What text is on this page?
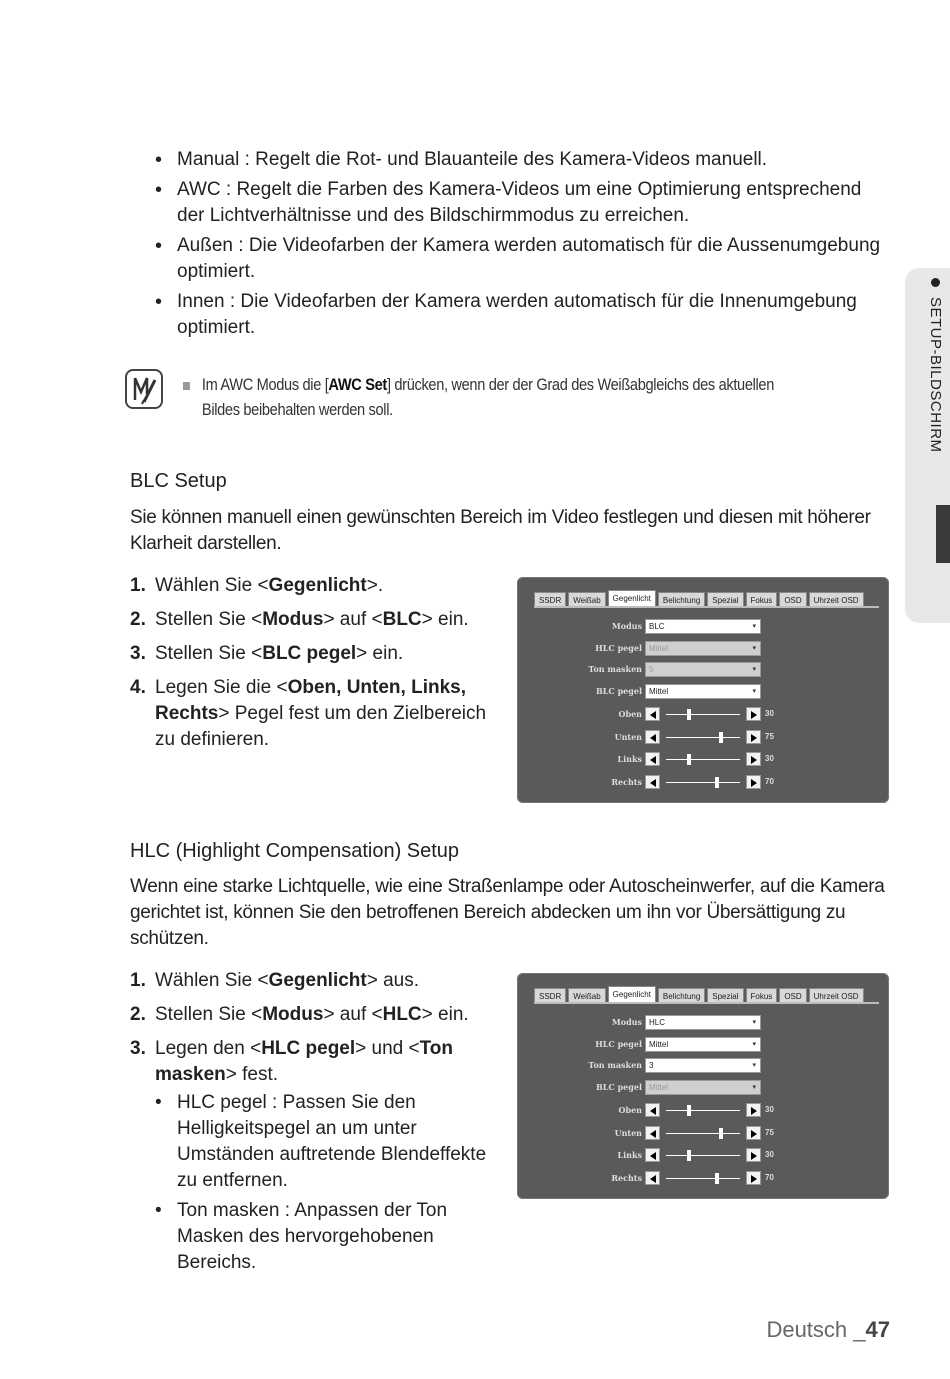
• Manual : Regelt die Rot- und Blauanteile des Kamera-Videos manuell.
• AWC : Regelt die Farben des Kamera-Videos um eine Optimierung entsprechend der Lichtverhältnisse und des Bildschirmmodus zu erreichen.
• Außen : Die Videofarben der Kamera werden automatisch für die Aussenumgebung optimiert.
• Innen : Die Videofarben der Kamera werden automatisch für die Innenumgebung optimiert.
Im AWC Modus die [AWC Set] drücken, wenn der der Grad des Weißabgleichs des aktuellen
Bildes beibehalten werden soll.
BLC Setup
Sie können manuell einen gewünschten Bereich im Video festlegen und diesen mit höherer Klarheit darstellen.
1. Wählen Sie <Gegenlicht>.
2. Stellen Sie <Modus> auf <BLC> ein.
3. Stellen Sie <BLC pegel> ein.
4. Legen Sie die <Oben, Unten, Links, Rechts> Pegel fest um den Zielbereich zu definieren.
SSDR	Weißab	Gegenlicht	Belichtung	Spezial	Fokus	OSD	Uhrzeit OSD
Modus BLC	▾
HLC pegel Mittel	▾
Ton masken 5	▾
BLC pegel Mittel	▾
Oben	30
Unten	75
Links	30
Rechts	70
HLC (Highlight Compensation) Setup
Wenn eine starke Lichtquelle, wie eine Straßenlampe oder Autoscheinwerfer, auf die Kamera gerichtet ist, können Sie den betroffenen Bereich abdecken um ihn vor Übersättigung zu schützen.
1. Wählen Sie <Gegenlicht> aus.
2. Stellen Sie <Modus> auf <HLC> ein.
3. Legen den <HLC pegel> und <Ton masken> fest.
• HLC pegel : Passen Sie den Helligkeitspegel an um unter Umständen auftretende Blendeffekte zu entfernen.
• Ton masken : Anpassen der Ton Masken des hervorgehobenen Bereichs.
SSDR	Weißab	Gegenlicht	Belichtung	Spezial	Fokus	OSD	Uhrzeit OSD
Modus HLC	▾
HLC pegel Mittel	▾
Ton masken 3	▾
BLC pegel Mittel	▾
Oben	30
Unten	75
Links	30
Rechts	70
SETUP-BILDSCHIRM
Deutsch _47
